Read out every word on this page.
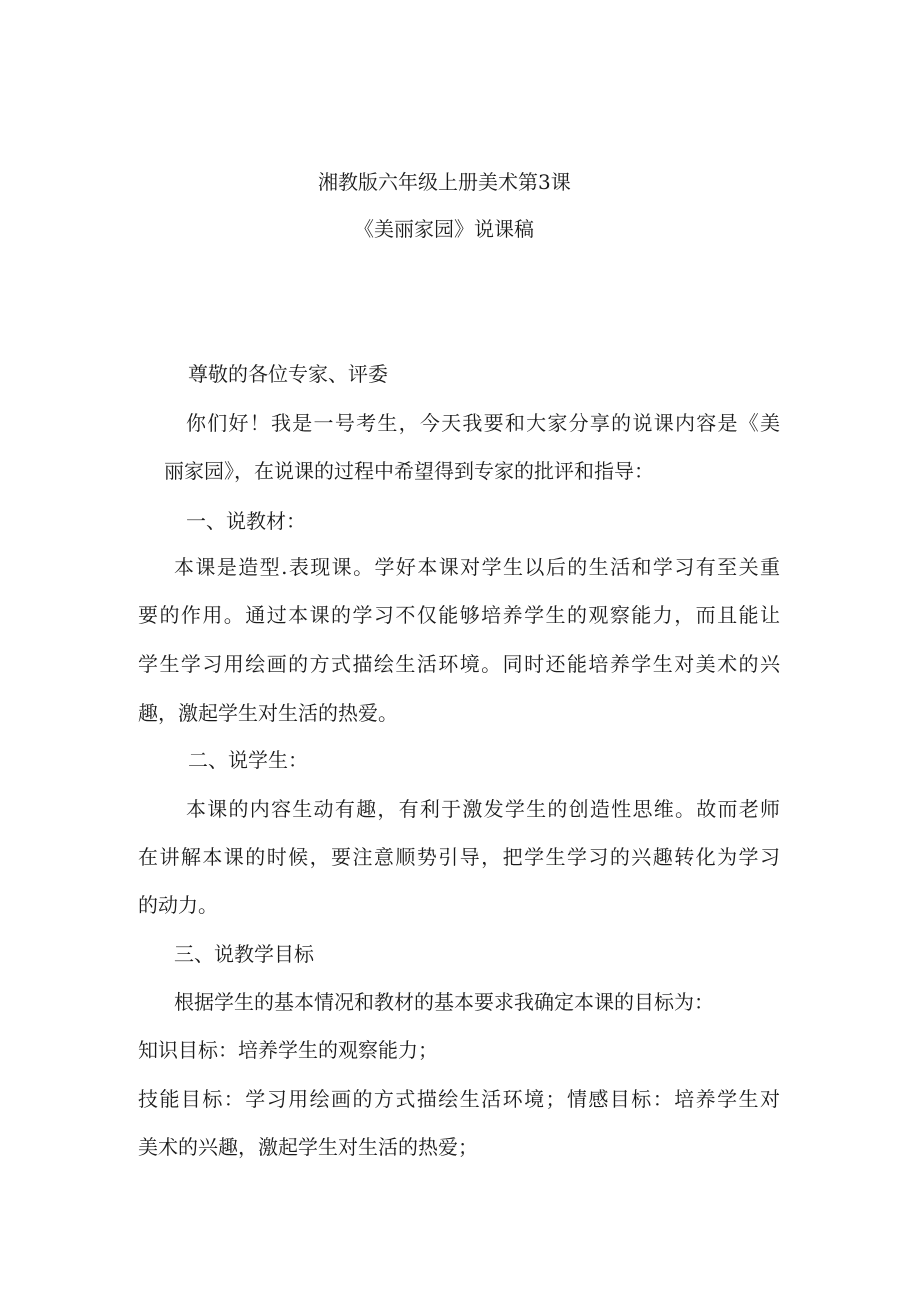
湘教版六年级上册美术第3课
《美丽家园》说课稿
尊敬的各位专家、评委
你们好！我是一号考生，今天我要和大家分享的说课内容是《美
丽家园》，在说课的过程中希望得到专家的批评和指导：
一、说教材：
本课是造型.表现课。学好本课对学生以后的生活和学习有至关重
要的作用。通过本课的学习不仅能够培养学生的观察能力，而且能让
学生学习用绘画的方式描绘生活环境。同时还能培养学生对美术的兴
趣，激起学生对生活的热爱。
二、说学生：
本课的内容生动有趣，有利于激发学生的创造性思维。故而老师
在讲解本课的时候，要注意顺势引导，把学生学习的兴趣转化为学习
的动力。
三、说教学目标
根据学生的基本情况和教材的基本要求我确定本课的目标为：
知识目标：培养学生的观察能力；
技能目标：学习用绘画的方式描绘生活环境；情感目标：培养学生对
美术的兴趣，激起学生对生活的热爱；
